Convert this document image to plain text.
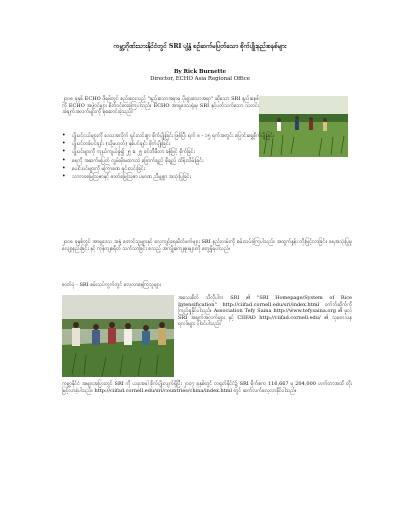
ကမ္ဘာ့ဂိုဏ်းသားနိုင်ငံတွင် SRI ပျံ့နှံ့ စဉ်ဆက်မပြတ်သော စိုက်ပျိုးနည်းစနစ်များ
By Rick Burnette
Director, ECHO Asia Regional Office
၂၀၀၈ ခုနှစ် ECHO ဖိုရမ်တွင် စည်းဝေးသည့် "နည်းသောအရာမှ ပိုများသောအရာ" ဆိုသော SRI နည်းစနစ်ကို ECHO အဖွဲ့ဝင်များ စိတ်ဝင်စားခဲ့ကြပါသည်။ ECHO အာရှဒေသရုံးမှ SRI နှင့်ပတ်သက်သော သတင်းအချက်အလက်များကို စုဆောင်းခဲ့သည်။
• ပျိုးပင်ငယ်များကို ဒေသအလိုက် ရှင်းလင်းစွာ စိုက်ပျိုးခြင်း ဖြစ်ပြီး ရက် ၈ - ၁၅ ရက်အတွင်း ပြောင်းရွှေ့စိုက်ပျိုးခြင်း
• ပျိုးပင်တစ်ပင်ချင်း (သို့မဟုတ်) နှစ်ပင်ချင်း စိုက်ပျိုးခြင်း
• ပျိုးပင်များကို ကျယ်ကျယ်ခွဲ၍ ၂၅ x ၂၅ စင်တီမီတာ ခန့်ဖြင့် စိုက်ခြင်း
• ရေကို အဆက်မပြတ် လွှမ်းမိုးမထားဘဲ ခြောက်ချည် စိုချည် ထိန်းသိမ်းခြင်း
• ပေါင်းပင်များကို မကြာခဏ ရှင်းလင်းခြင်း
• သဘာဝမြေဩဇာနှင့် ဓာတ်မြေဩဇာ ပမာဏ ညီမျှစွာ အသုံးပြုခြင်း
၂၀၀၈ ခုနှစ်တွင် အာရှဒေသ အနှံ့ တောင်သူများနှင့် လေ့ကျင့်ရေးမိတ်ဖက်များ SRI နည်းလမ်းကို စမ်းသပ်ခဲ့ကြပါသည်။ အထွက်နှုန်း တိုးမြင့်လာခြင်း၊ ရေအသုံးပြုမှု လျော့နည်းခြင်း နှင့် ကုန်ကျစရိတ် သက်သာခြင်း စသည့် အကျိုးကျေးဇူးများကို တွေ့ရှိရပါသည်။
ဓာတ်ပုံ - SRI စမ်းသပ်ကွက်တွင် လေ့လာနေကြသူများ
အသေးစိတ် သိလိုပါက SRI ၏ "SRI Homepage/System of Rice Intensification" http://ciifad.cornell.edu/sri/index.html ဝက်ဘ်ဆိုက်ကို ကြည့်ရှုနိုင်ပါသည်။ Association Tefy Saina http://www.tefysaina.org ၏ မူလ SRI အချက်အလက်များ နှင့် CIIFAD http://ciifad.cornell.edu/ ၏ သုတေသန ရလဒ်များ ပါဝင်ပါသည်။
ကမ္ဘာ့နိုင်ငံ အများအပြားတွင် SRI ကို ယခုအခါ စိုက်ပျိုးလျက်ရှိပြီး ၂၀၀၇ ခုနှစ်တွင် တရုတ်နိုင်ငံ၌ SRI စိုက်ဧက 116,667 မှ 204,000 ဟက်တာအထိ တိုးမြင့်လာခဲ့ပါသည်။ http://ciifad.cornell.edu/sri/countries/china/index.html တွင် ဆက်လက်လေ့လာနိုင်ပါသည်။
